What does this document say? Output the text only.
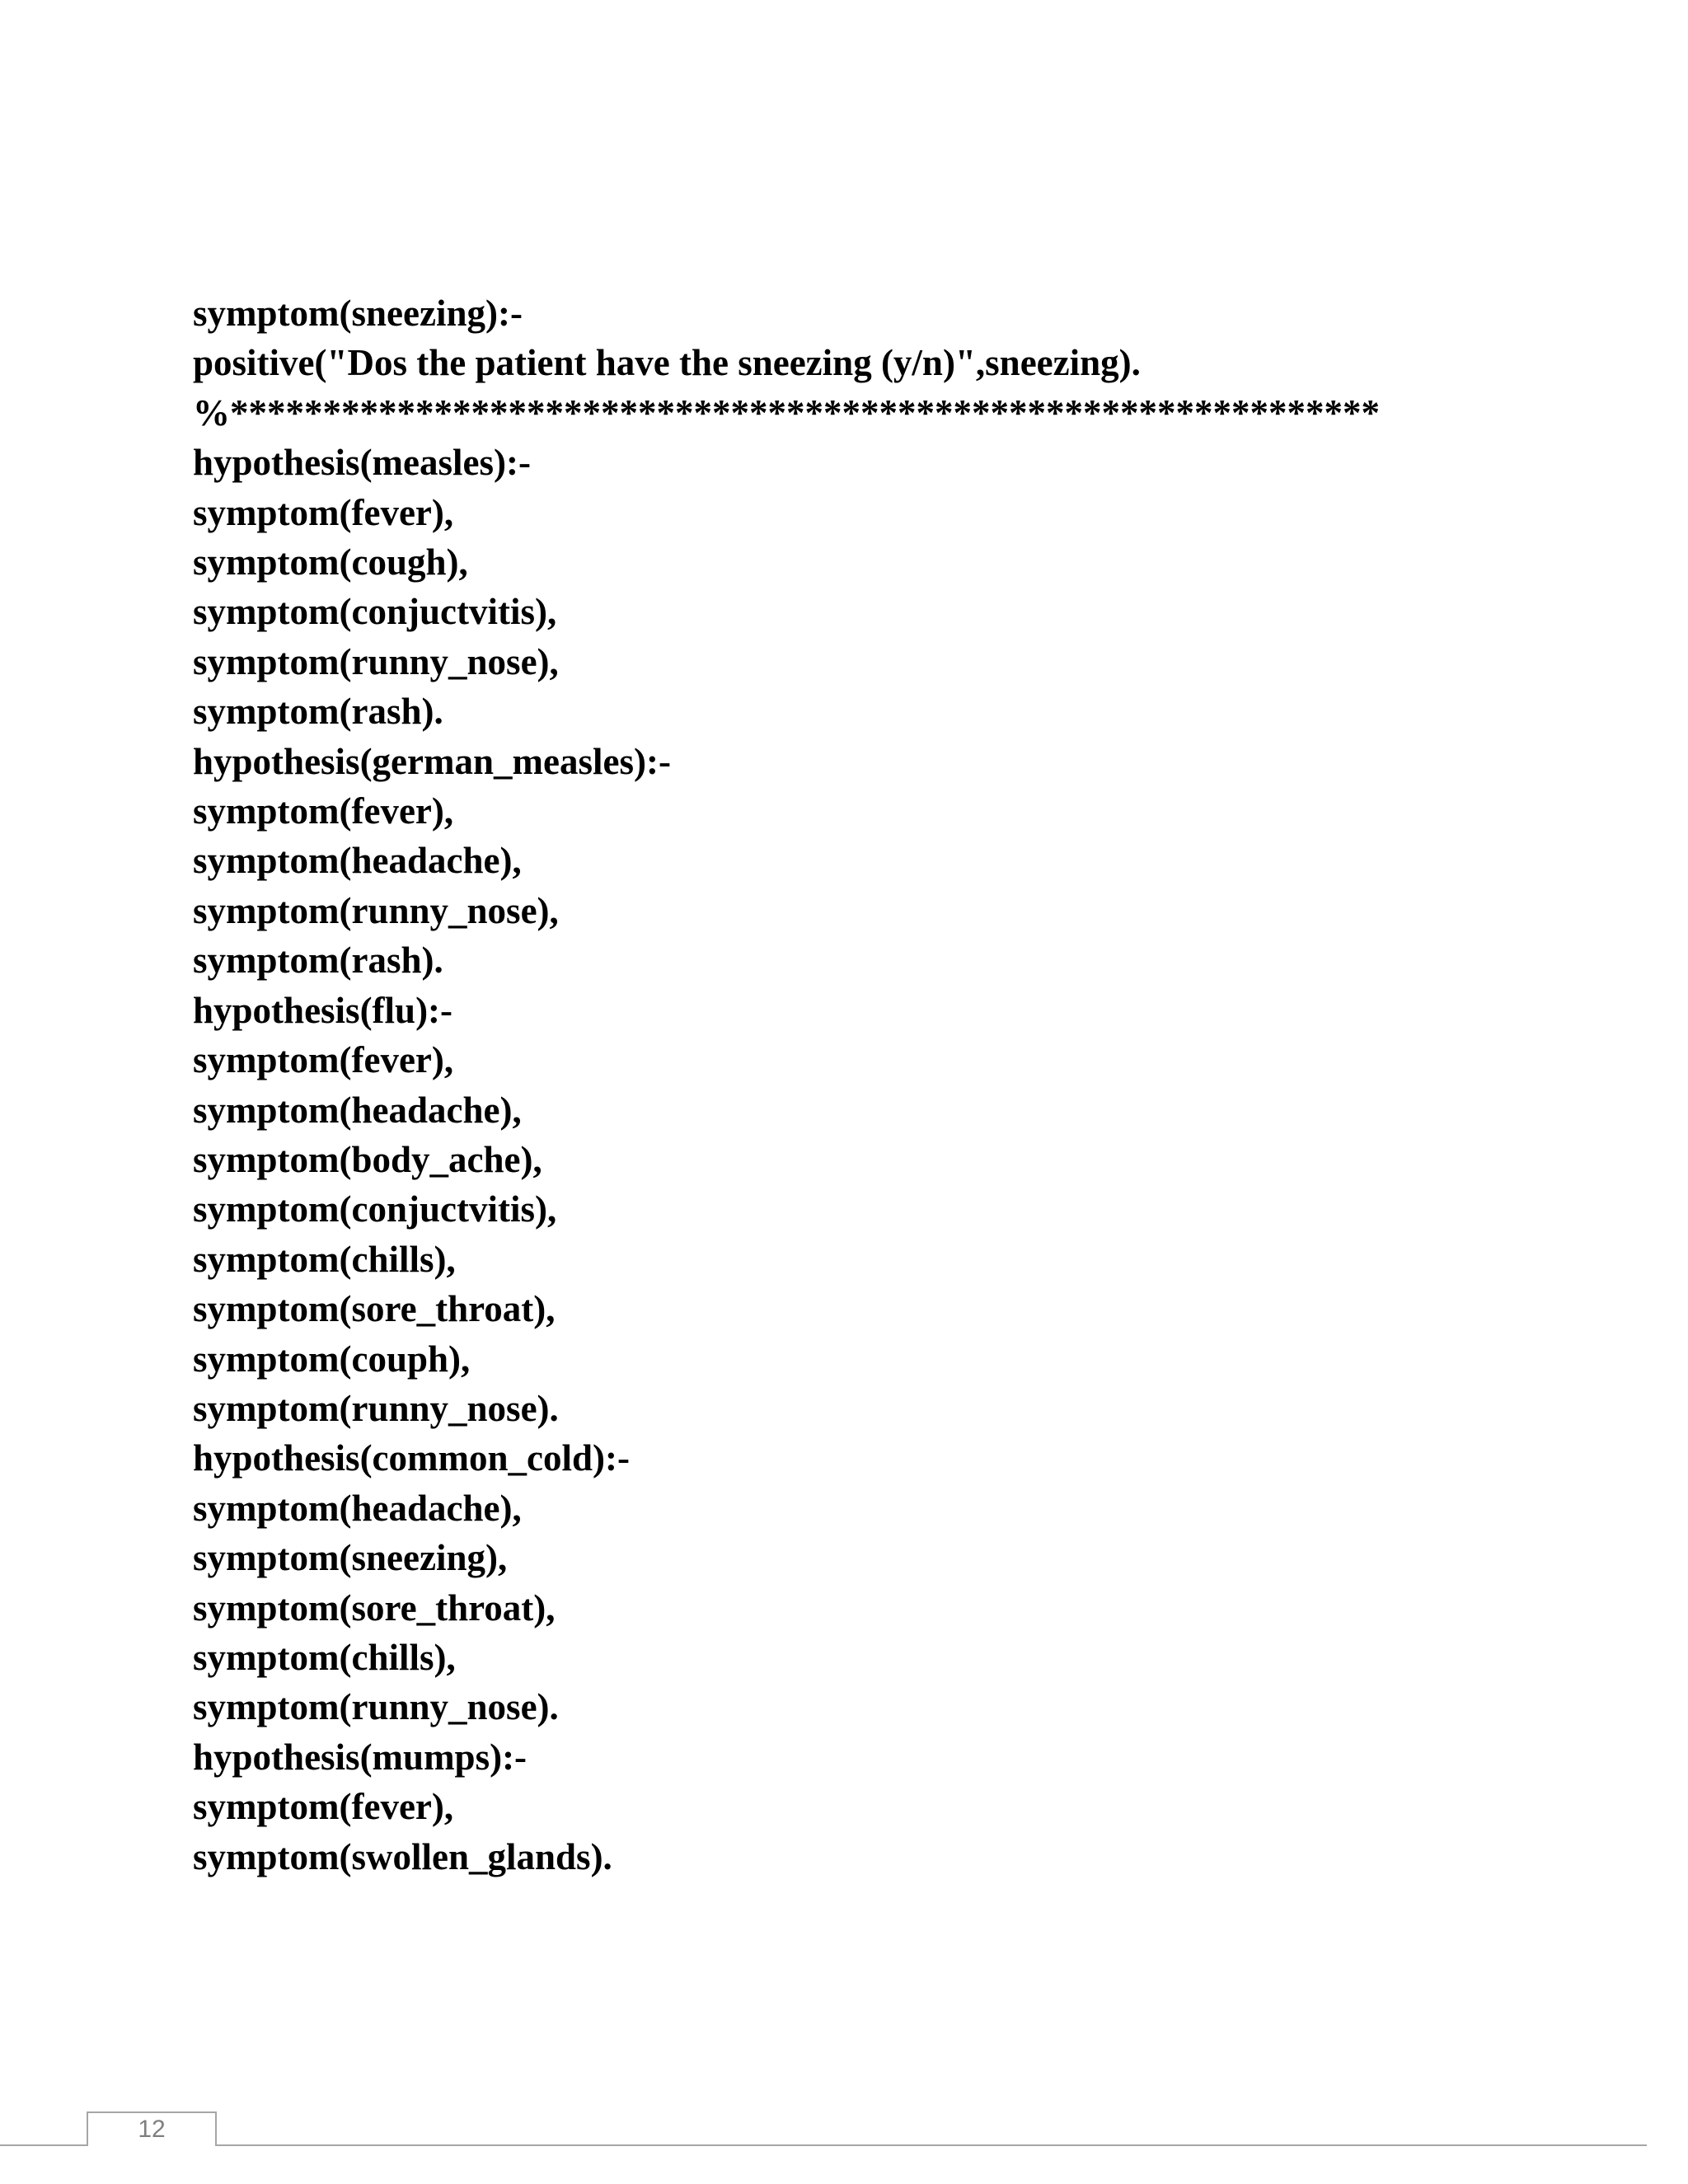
symptom(sneezing):-
positive("Dos the patient have the sneezing (y/n)",sneezing).
%**************************************************************
hypothesis(measles):-
symptom(fever),
symptom(cough),
symptom(conjuctvitis),
symptom(runny_nose),
symptom(rash).
hypothesis(german_measles):-
symptom(fever),
symptom(headache),
symptom(runny_nose),
symptom(rash).
hypothesis(flu):-
symptom(fever),
symptom(headache),
symptom(body_ache),
symptom(conjuctvitis),
symptom(chills),
symptom(sore_throat),
symptom(couph),
symptom(runny_nose).
hypothesis(common_cold):-
symptom(headache),
symptom(sneezing),
symptom(sore_throat),
symptom(chills),
symptom(runny_nose).
hypothesis(mumps):-
symptom(fever),
symptom(swollen_glands).
12
